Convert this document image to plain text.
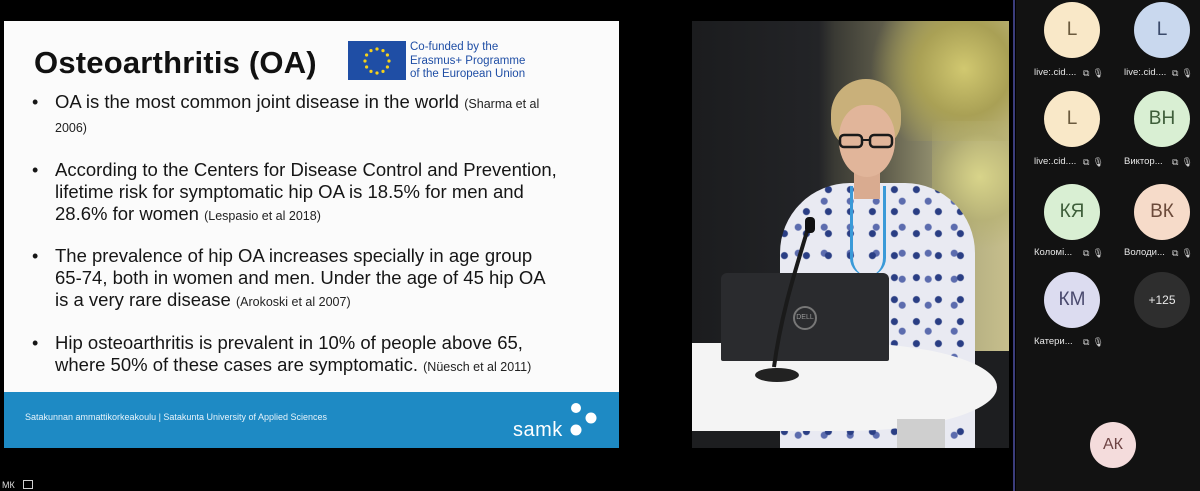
Osteoarthritis (OA)	Co-funded by the
Erasmus+ Programme
of the European Union
• OA is the most common joint disease in the world (Sharma et al
2006)
• According to the Centers for Disease Control and Prevention,
lifetime risk for symptomatic hip OA is 18.5% for men and
28.6% for women (Lespasio et al 2018)
• The prevalence of hip OA increases specially in age group
65-74, both in women and men. Under the age of 45 hip OA
is a very rare disease (Arokoski et al 2007)
• Hip osteoarthritis is prevalent in 10% of people above 65,
where 50% of these cases are symptomatic. (Nüesch et al 2011)
Satakunnan ammattikorkeakoulu | Satakunta University of Applied Sciences
samk
DELL
L
live:.cid.... ⧉ 🎙
L
live:.cid.... ⧉ 🎙
L
live:.cid.... ⧉ 🎙
ВН
Виктор... ⧉ 🎙
КЯ
Коломі... ⧉ 🎙
ВК
Володи... ⧉ 🎙
КМ
Катери... ⧉ 🎙
+125
АК
МК
